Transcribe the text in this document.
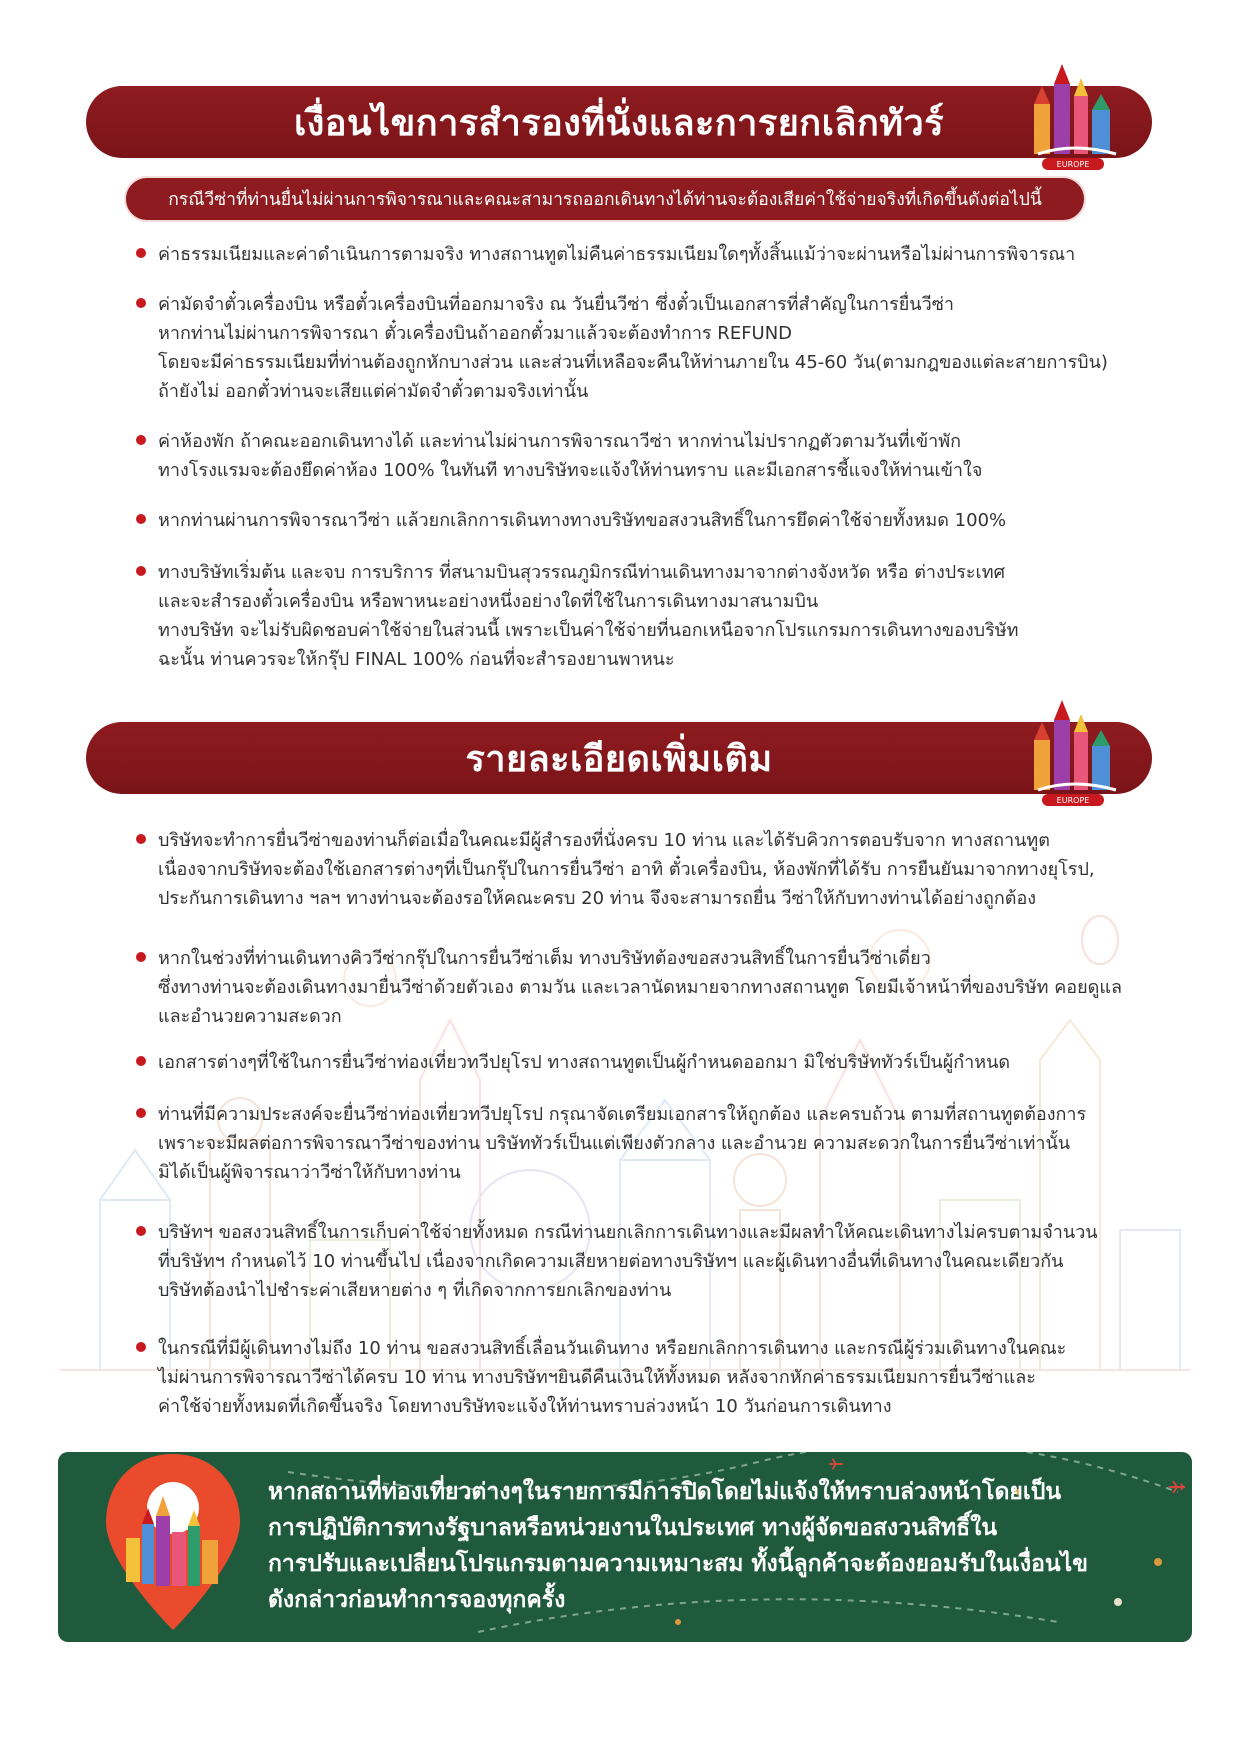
เงื่อนไขการสำรองที่นั่งและการยกเลิกทัวร์
EUROPE
กรณีวีซ่าที่ท่านยื่นไม่ผ่านการพิจารณาและคณะสามารถออกเดินทางได้ท่านจะต้องเสียค่าใช้จ่ายจริงที่เกิดขึ้นดังต่อไปนี้
ค่าธรรมเนียมและค่าดำเนินการตามจริง ทางสถานทูตไม่คืนค่าธรรมเนียมใดๆทั้งสิ้นแม้ว่าจะผ่านหรือไม่ผ่านการพิจารณา
ค่ามัดจำตั๋วเครื่องบิน หรือตั๋วเครื่องบินที่ออกมาจริง ณ วันยื่นวีซ่า ซึ่งตั๋วเป็นเอกสารที่สำคัญในการยื่นวีซ่า
หากท่านไม่ผ่านการพิจารณา ตั๋วเครื่องบินถ้าออกตั๋วมาแล้วจะต้องทำการ REFUND
โดยจะมีค่าธรรมเนียมที่ท่านต้องถูกหักบางส่วน และส่วนที่เหลือจะคืนให้ท่านภายใน 45-60 วัน(ตามกฎของแต่ละสายการบิน)
ถ้ายังไม่ ออกตั๋วท่านจะเสียแต่ค่ามัดจำตั๋วตามจริงเท่านั้น
ค่าห้องพัก ถ้าคณะออกเดินทางได้ และท่านไม่ผ่านการพิจารณาวีซ่า หากท่านไม่ปรากฏตัวตามวันที่เข้าพัก
ทางโรงแรมจะต้องยึดค่าห้อง 100% ในทันที ทางบริษัทจะแจ้งให้ท่านทราบ และมีเอกสารชี้แจงให้ท่านเข้าใจ
หากท่านผ่านการพิจารณาวีซ่า แล้วยกเลิกการเดินทางทางบริษัทขอสงวนสิทธิ์ในการยึดค่าใช้จ่ายทั้งหมด 100%
ทางบริษัทเริ่มต้น และจบ การบริการ ที่สนามบินสุวรรณภูมิกรณีท่านเดินทางมาจากต่างจังหวัด หรือ ต่างประเทศ
และจะสำรองตั๋วเครื่องบิน หรือพาหนะอย่างหนึ่งอย่างใดที่ใช้ในการเดินทางมาสนามบิน
ทางบริษัท จะไม่รับผิดชอบค่าใช้จ่ายในส่วนนี้ เพราะเป็นค่าใช้จ่ายที่นอกเหนือจากโปรแกรมการเดินทางของบริษัท
ฉะนั้น ท่านควรจะให้กรุ๊ป FINAL 100% ก่อนที่จะสำรองยานพาหนะ
รายละเอียดเพิ่มเติม
EUROPE
บริษัทจะทำการยื่นวีซ่าของท่านก็ต่อเมื่อในคณะมีผู้สำรองที่นั่งครบ 10 ท่าน และได้รับคิวการตอบรับจาก ทางสถานทูต
เนื่องจากบริษัทจะต้องใช้เอกสารต่างๆที่เป็นกรุ๊ปในการยื่นวีซ่า อาทิ ตั๋วเครื่องบิน, ห้องพักที่ได้รับ การยืนยันมาจากทางยุโรป,
ประกันการเดินทาง ฯลฯ ทางท่านจะต้องรอให้คณะครบ 20 ท่าน จึงจะสามารถยื่น วีซ่าให้กับทางท่านได้อย่างถูกต้อง
หากในช่วงที่ท่านเดินทางคิววีซ่ากรุ๊ปในการยื่นวีซ่าเต็ม ทางบริษัทต้องขอสงวนสิทธิ์ในการยื่นวีซ่าเดี่ยว
ซึ่งทางท่านจะต้องเดินทางมายื่นวีซ่าด้วยตัวเอง ตามวัน และเวลานัดหมายจากทางสถานทูต โดยมีเจ้าหน้าที่ของบริษัท คอยดูแล
และอำนวยความสะดวก
เอกสารต่างๆที่ใช้ในการยื่นวีซ่าท่องเที่ยวทวีปยุโรป ทางสถานทูตเป็นผู้กำหนดออกมา มิใช่บริษัททัวร์เป็นผู้กำหนด
ท่านที่มีความประสงค์จะยื่นวีซ่าท่องเที่ยวทวีปยุโรป กรุณาจัดเตรียมเอกสารให้ถูกต้อง และครบถ้วน ตามที่สถานทูตต้องการ
เพราะจะมีผลต่อการพิจารณาวีซ่าของท่าน บริษัททัวร์เป็นแต่เพียงตัวกลาง และอำนวย ความสะดวกในการยื่นวีซ่าเท่านั้น
มิได้เป็นผู้พิจารณาว่าวีซ่าให้กับทางท่าน
บริษัทฯ ขอสงวนสิทธิ์ในการเก็บค่าใช้จ่ายทั้งหมด กรณีท่านยกเลิกการเดินทางและมีผลทำให้คณะเดินทางไม่ครบตามจำนวน
ที่บริษัทฯ กำหนดไว้ 10 ท่านขึ้นไป เนื่องจากเกิดความเสียหายต่อทางบริษัทฯ และผู้เดินทางอื่นที่เดินทางในคณะเดียวกัน
บริษัทต้องนำไปชำระค่าเสียหายต่าง ๆ ที่เกิดจากการยกเลิกของท่าน
ในกรณีที่มีผู้เดินทางไม่ถึง 10 ท่าน ขอสงวนสิทธิ์เลื่อนวันเดินทาง หรือยกเลิกการเดินทาง และกรณีผู้ร่วมเดินทางในคณะ
ไม่ผ่านการพิจารณาวีซ่าได้ครบ 10 ท่าน ทางบริษัทฯยินดีคืนเงินให้ทั้งหมด หลังจากหักค่าธรรมเนียมการยื่นวีซ่าและ
ค่าใช้จ่ายทั้งหมดที่เกิดขึ้นจริง โดยทางบริษัทจะแจ้งให้ท่านทราบล่วงหน้า 10 วันก่อนการเดินทาง
หากสถานที่ท่องเที่ยวต่างๆในรายการมีการปิดโดยไม่แจ้งให้ทราบล่วงหน้าโดยเป็น
การปฏิบัติการทางรัฐบาลหรือหน่วยงานในประเทศ ทางผู้จัดขอสงวนสิทธิ์ใน
การปรับและเปลี่ยนโปรแกรมตามความเหมาะสม ทั้งนี้ลูกค้าจะต้องยอมรับในเงื่อนไข
ดังกล่าวก่อนทำการจองทุกครั้ง
